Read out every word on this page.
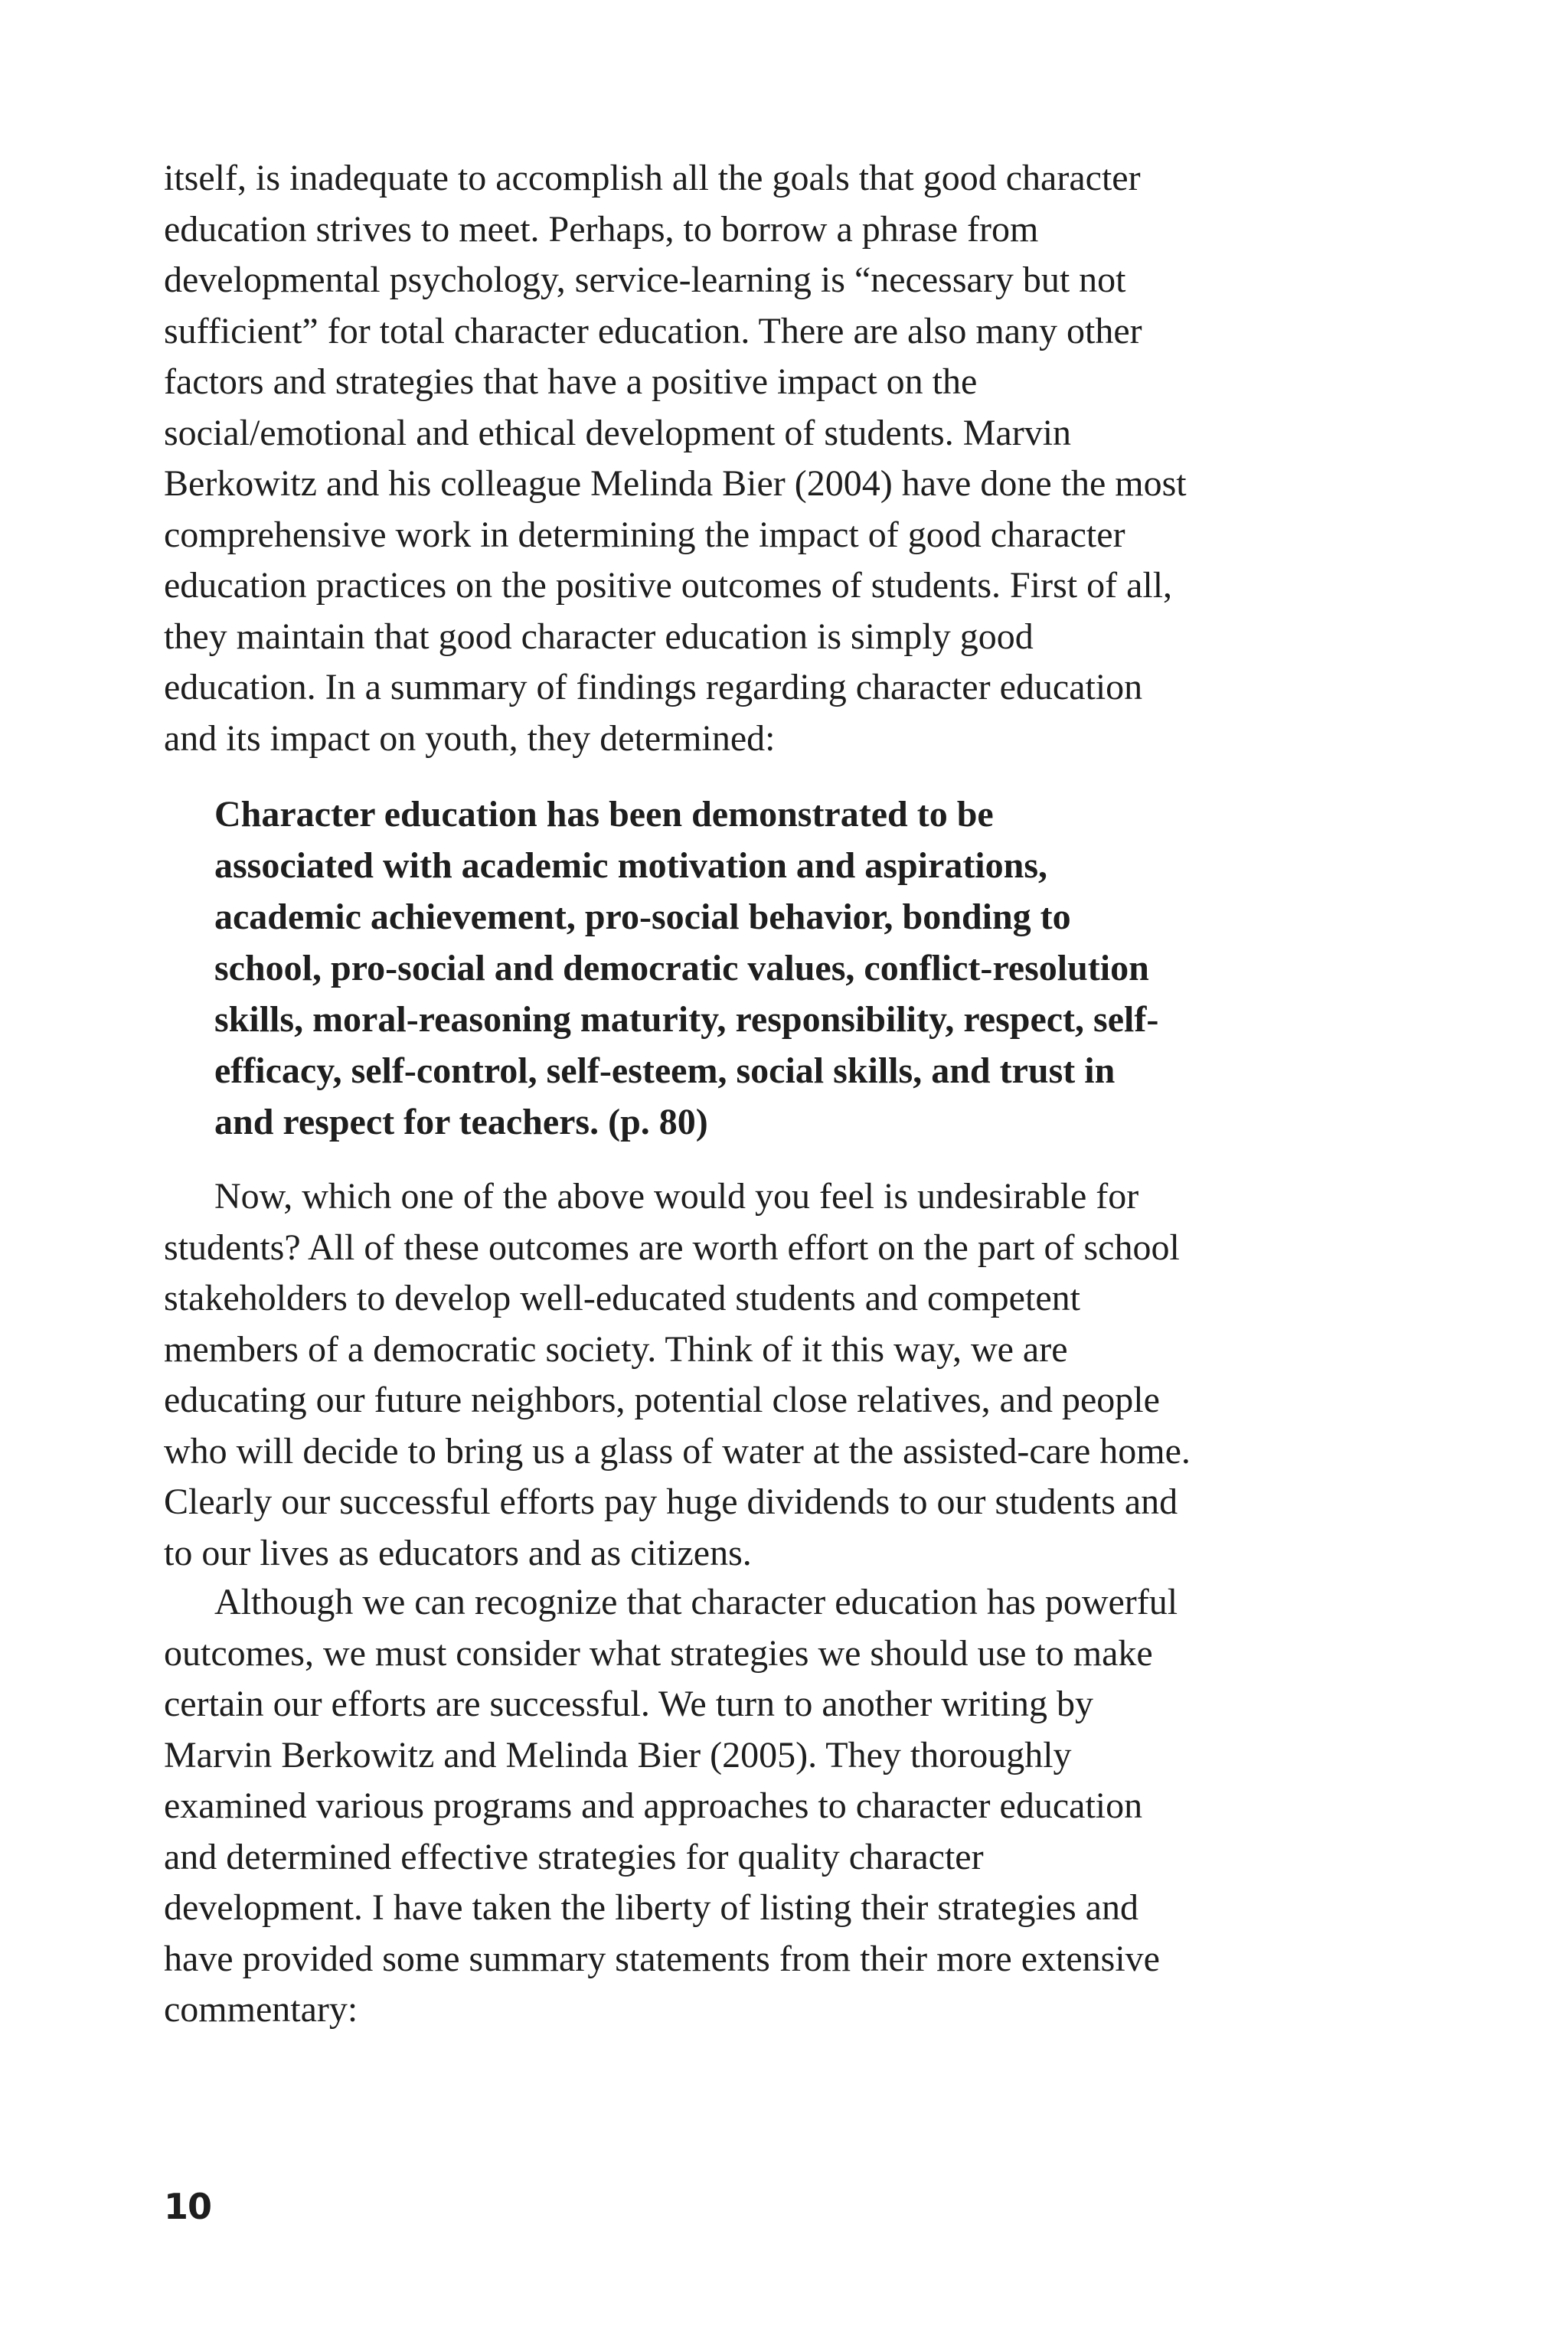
itself, is inadequate to accomplish all the goals that good character
education strives to meet. Perhaps, to borrow a phrase from
developmental psychology, service-learning is “necessary but not
sufficient” for total character education. There are also many other
factors and strategies that have a positive impact on the
social/emotional and ethical development of students. Marvin
Berkowitz and his colleague Melinda Bier (2004) have done the most
comprehensive work in determining the impact of good character
education practices on the positive outcomes of students. First of all,
they maintain that good character education is simply good
education. In a summary of findings regarding character education
and its impact on youth, they determined:

Character education has been demonstrated to be
associated with academic motivation and aspirations,
academic achievement, pro-social behavior, bonding to
school, pro-social and democratic values, conflict-resolution
skills, moral-reasoning maturity, responsibility, respect, self-
efficacy, self-control, self-esteem, social skills, and trust in
and respect for teachers. (p. 80)

Now, which one of the above would you feel is undesirable for
students? All of these outcomes are worth effort on the part of school
stakeholders to develop well-educated students and competent
members of a democratic society. Think of it this way, we are
educating our future neighbors, potential close relatives, and people
who will decide to bring us a glass of water at the assisted-care home.
Clearly our successful efforts pay huge dividends to our students and
to our lives as educators and as citizens.

Although we can recognize that character education has powerful
outcomes, we must consider what strategies we should use to make
certain our efforts are successful. We turn to another writing by
Marvin Berkowitz and Melinda Bier (2005). They thoroughly
examined various programs and approaches to character education
and determined effective strategies for quality character
development. I have taken the liberty of listing their strategies and
have provided some summary statements from their more extensive
commentary:

10
